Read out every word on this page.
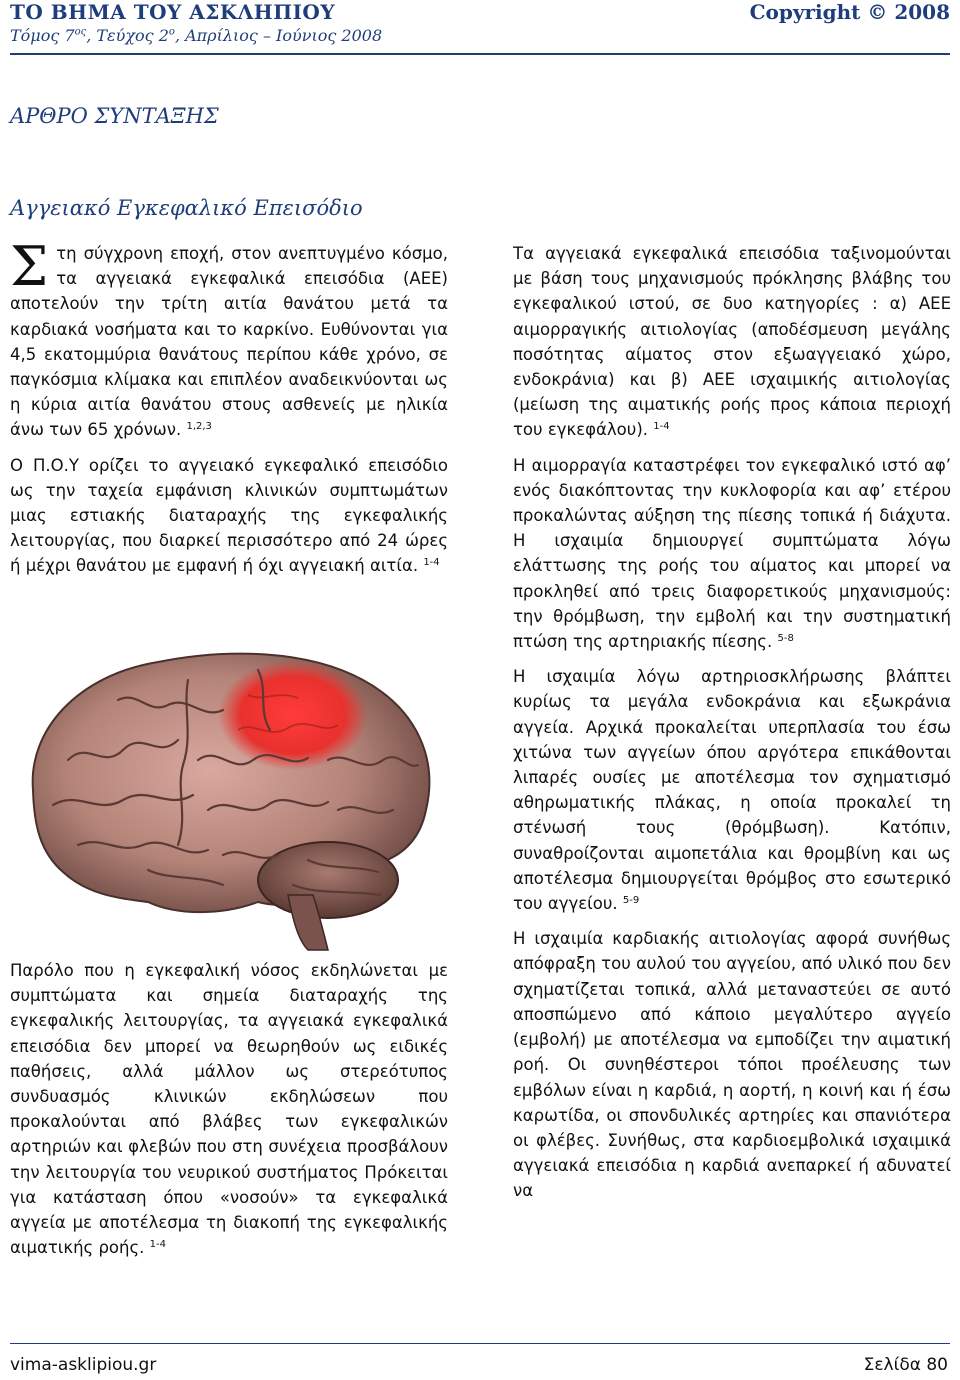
ΤΟ ΒΗΜΑ ΤΟΥ ΑΣΚΛΗΠΙΟΥ	Copyright © 2008
Τόμος $7^{o\varsigma}$, Τεύχος $2^o$, Απρίλιος – Ιούνιος 2008
ΑΡΘΡΟ ΣΥΝΤΑΞΗΣ
Αγγειακό Εγκεφαλικό Επεισόδιο

Στη σύγχρονη εποχή, στον ανεπτυγμένο κόσμο, τα αγγειακά εγκεφαλικά επεισόδια (ΑΕΕ) αποτελούν την τρίτη αιτία θανάτου μετά τα καρδιακά νοσήματα και το καρκίνο. Ευθύνονται για 4,5 εκατομμύρια θανάτους περίπου κάθε χρόνο, σε παγκόσμια κλίμακα και επιπλέον αναδεικνύονται ως η κύρια αιτία θανάτου στους ασθενείς με ηλικία άνω των 65 χρόνων. $^{1,2,3}$

Ο Π.Ο.Υ ορίζει το αγγειακό εγκεφαλικό επεισόδιο ως την ταχεία εμφάνιση κλινικών συμπτωμάτων μιας εστιακής διαταραχής της εγκεφαλικής λειτουργίας, που διαρκεί περισσότερο από 24 ώρες ή μέχρι θανάτου με εμφανή ή όχι αγγειακή αιτία. $^{1-4}$

Παρόλο που η εγκεφαλική νόσος εκδηλώνεται με συμπτώματα και σημεία διαταραχής της εγκεφαλικής λειτουργίας, τα αγγειακά εγκεφαλικά επεισόδια δεν μπορεί να θεωρηθούν ως ειδικές παθήσεις, αλλά μάλλον ως στερεότυπος συνδυασμός κλινικών εκδηλώσεων που προκαλούνται από βλάβες των εγκεφαλικών αρτηριών και φλεβών που στη συνέχεια προσβάλουν την λειτουργία του νευρικού συστήματος Πρόκειται για κατάσταση όπου «νοσούν» τα εγκεφαλικά αγγεία με αποτέλεσμα τη διακοπή της εγκεφαλικής αιματικής ροής. $^{1-4}$

Τα αγγειακά εγκεφαλικά επεισόδια ταξινομούνται με βάση τους μηχανισμούς πρόκλησης βλάβης του εγκεφαλικού ιστού, σε δυο κατηγορίες : α) ΑΕΕ αιμορραγικής αιτιολογίας (αποδέσμευση μεγάλης ποσότητας αίματος στον εξωαγγειακό χώρο, ενδοκράνια) και β) ΑΕΕ ισχαιμικής αιτιολογίας (μείωση της αιματικής ροής προς κάποια περιοχή του εγκεφάλου). $^{1-4}$

Η αιμορραγία καταστρέφει τον εγκεφαλικό ιστό αφ’ ενός διακόπτοντας την κυκλοφορία και αφ’ ετέρου προκαλώντας αύξηση της πίεσης τοπικά ή διάχυτα. Η ισχαιμία δημιουργεί συμπτώματα λόγω ελάττωσης της ροής του αίματος και μπορεί να προκληθεί από τρεις διαφορετικούς μηχανισμούς: την θρόμβωση, την εμβολή και την συστηματική πτώση της αρτηριακής πίεσης. $^{5-8}$

Η ισχαιμία λόγω αρτηριοσκλήρωσης βλάπτει κυρίως τα μεγάλα ενδοκράνια και εξωκράνια αγγεία. Αρχικά προκαλείται υπερπλασία του έσω χιτώνα των αγγείων όπου αργότερα επικάθονται λιπαρές ουσίες με αποτέλεσμα τον σχηματισμό αθηρωματικής πλάκας, η οποία προκαλεί τη στένωσή τους (θρόμβωση). Κατόπιν, συναθροίζονται αιμοπετάλια και θρομβίνη και ως αποτέλεσμα δημιουργείται θρόμβος στο εσωτερικό του αγγείου. $^{5-9}$

Η ισχαιμία καρδιακής αιτιολογίας αφορά συνήθως απόφραξη του αυλού του αγγείου, από υλικό που δεν σχηματίζεται τοπικά, αλλά μεταναστεύει σε αυτό αποσπώμενο από κάποιο μεγαλύτερο αγγείο (εμβολή) με αποτέλεσμα να εμποδίζει την αιματική ροή. Οι συνηθέστεροι τόποι προέλευσης των εμβόλων είναι η καρδιά, η αορτή, η κοινή και ή έσω καρωτίδα, οι σπονδυλικές αρτηρίες και σπανιότερα οι φλέβες. Συνήθως, στα καρδιοεμβολικά ισχαιμικά αγγειακά επεισόδια η καρδιά ανεπαρκεί ή αδυνατεί να

vima-asklipiou.gr	Σελίδα 80
